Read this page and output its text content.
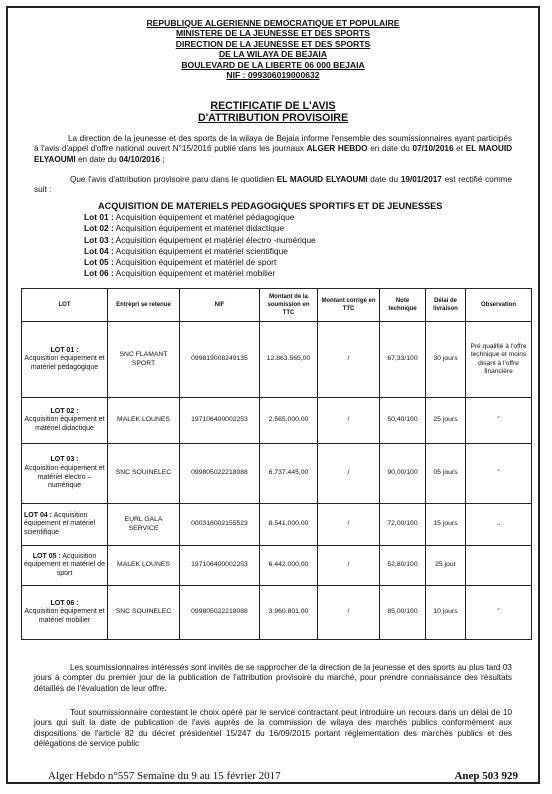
REPUBLIQUE ALGERIENNE DEMOCRATIQUE ET POPULAIRE
MINISTERE DE LA JEUNESSE ET DES SPORTS
DIRECTION DE LA JEUNESSE ET DES SPORTS
DE LA WILAYA DE BEJAIA
BOULEVARD DE LA LIBERTE 06 000 BEJAIA
NIF : 099306019000632
RECTIFICATIF DE L'AVIS
D'ATTRIBUTION PROVISOIRE
La direction de la jeunesse et des sports de la wilaya de Bejaia informe l'ensemble des soumissionnaires ayant participés à l'avis d'appel d'offre national ouvert N°15/2016 publié dans les journaux ALGER HEBDO en date du 07/10/2016 et EL MAOUID ELYAOUMI en date du 04/10/2016 ;
Que l'avis d'attribution provisoire paru dans le quotidien EL MAOUID ELYAOUMI date du 19/01/2017 est rectifié comme suit :
ACQUISITION DE MATERIELS PEDAGOGIQUES SPORTIFS ET DE JEUNESSES
Lot 01 : Acquisition équipement et matériel pédagogique
Lot 02 : Acquisition équipement et matériel didactique
Lot 03 : Acquisition équipement et matériel électro -numérique
Lot 04 : Acquisition équipement et matériel scientifique
Lot 05 : Acquisition équipement et matériel de sport
Lot 06 : Acquisition équipement et matériel mobilier
LOT	Entrepri se retenue	NIF	Montant de la soumission en TTC	Montant corrigé en TTC	Note technique	Délai de livraison	Observation
LOT 01 :
Acquisition équipement et matériel pédagogique	SNC FLAMANT SPORT	099819008249135	12.863.565,00	/	67,33/100	30 jours	Pré qualifié à l'offre technique et moins disant à l'offre financière
LOT 02 :
Acquisition équipement et matériel didactique	MALEK LOUNES	197106400002253	2.565.000,00	/	50,40/100	25 jours	"
LOT 03 :
Acquisition équipement et matériel électro – numérique	SNC SOUINELEC	099805022218088	6.737.445,00	/	90,00/100	05 jours	"
LOT 04 : Acquisition équipement et matériel scientifique	EURL GALA SERVICE	000316002155523	8.541.000,00	/	72,00/100	15 jours	..
LOT 05 : Acquisition équipement et matériel de sport	MALEK LOUNES	197106400002253	6.442.000,00	/	52,80/100	25 jour	
LOT 06 :
Acquisition équipement et matériel mobilier	SNC SOUINELEC	099805022218088	3.960.801,00	/	85,00/100	10 jours	"
Les soumissionnaires intéressés sont invités de se rapprocher de la direction de la jeunesse et des sports au plus tard 03 jours à compter du premier jour de la publication de l'attribution provisoire du marché, pour prendre connaissance des résultats détaillés de l'évaluation de leur offre.
Tout soumissionnaire contestant le choix opéré par le service contractant peut introduire un recours dans un délai de 10 jours qui suit la date de publication de l'avis auprès de la commission de wilaya des marchés publics conformément aux dispositions de l'article 82 du décret présidentiel 15/247 du 16/09/2015 portant réglementation des marchés publics et des délégations de service public
Alger Hebdo n°557 Semaine du 9 au 15 février 2017	Anep 503 929
